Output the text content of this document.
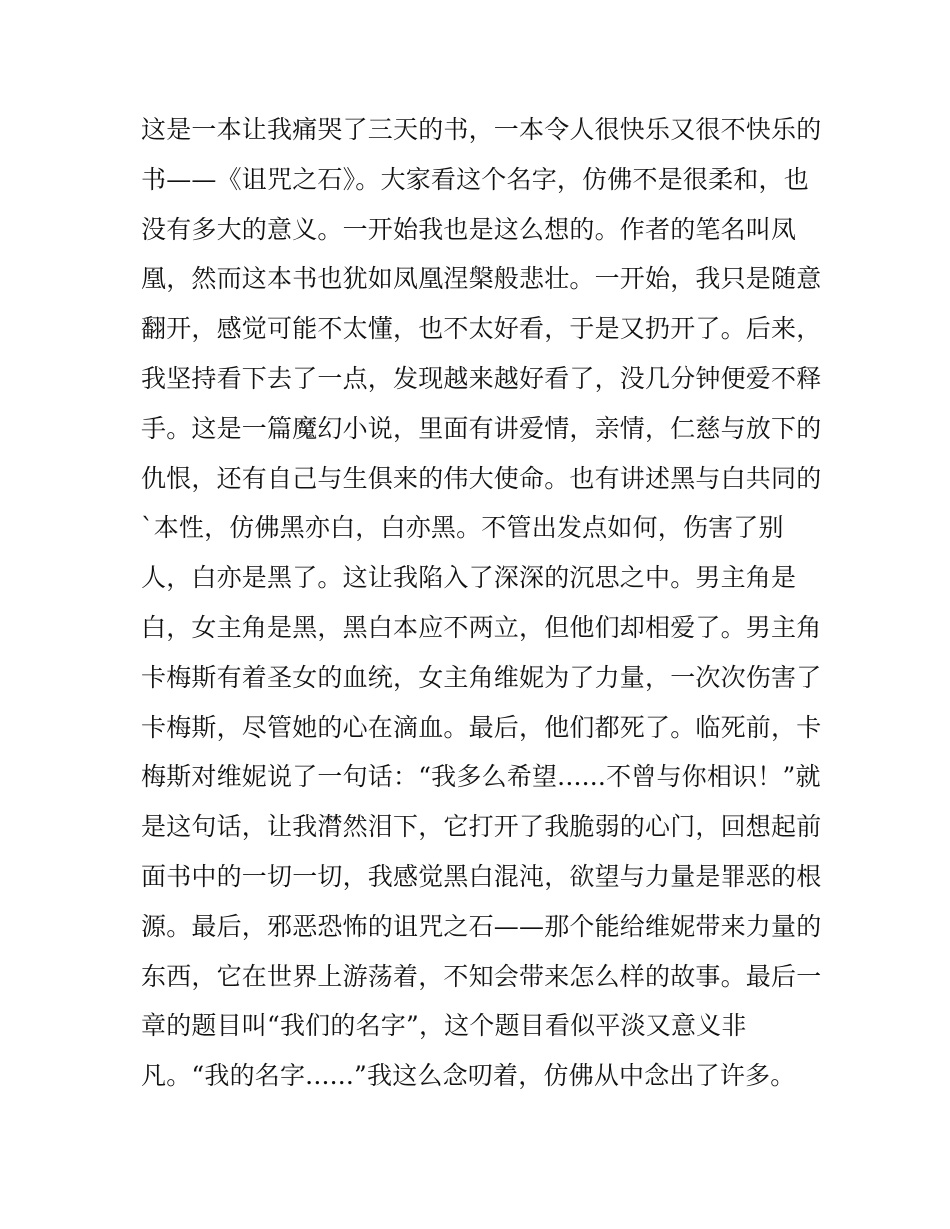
这是一本让我痛哭了三天的书，一本令人很快乐又很不快乐的
书——《诅咒之石》。大家看这个名字，仿佛不是很柔和，也
没有多大的意义。一开始我也是这么想的。作者的笔名叫凤
凰，然而这本书也犹如凤凰涅槃般悲壮。一开始，我只是随意
翻开，感觉可能不太懂，也不太好看，于是又扔开了。后来，
我坚持看下去了一点，发现越来越好看了，没几分钟便爱不释
手。这是一篇魔幻小说，里面有讲爱情，亲情，仁慈与放下的
仇恨，还有自己与生俱来的伟大使命。也有讲述黑与白共同的
`本性，仿佛黑亦白，白亦黑。不管出发点如何，伤害了别
人，白亦是黑了。这让我陷入了深深的沉思之中。男主角是
白，女主角是黑，黑白本应不两立，但他们却相爱了。男主角
卡梅斯有着圣女的血统，女主角维妮为了力量，一次次伤害了
卡梅斯，尽管她的心在滴血。最后，他们都死了。临死前，卡
梅斯对维妮说了一句话：“我多么希望......不曾与你相识！”就
是这句话，让我潸然泪下，它打开了我脆弱的心门，回想起前
面书中的一切一切，我感觉黑白混沌，欲望与力量是罪恶的根
源。最后，邪恶恐怖的诅咒之石——那个能给维妮带来力量的
东西，它在世界上游荡着，不知会带来怎么样的故事。最后一
章的题目叫“我们的名字”，这个题目看似平淡又意义非
凡。“我的名字......”我这么念叨着，仿佛从中念出了许多。
